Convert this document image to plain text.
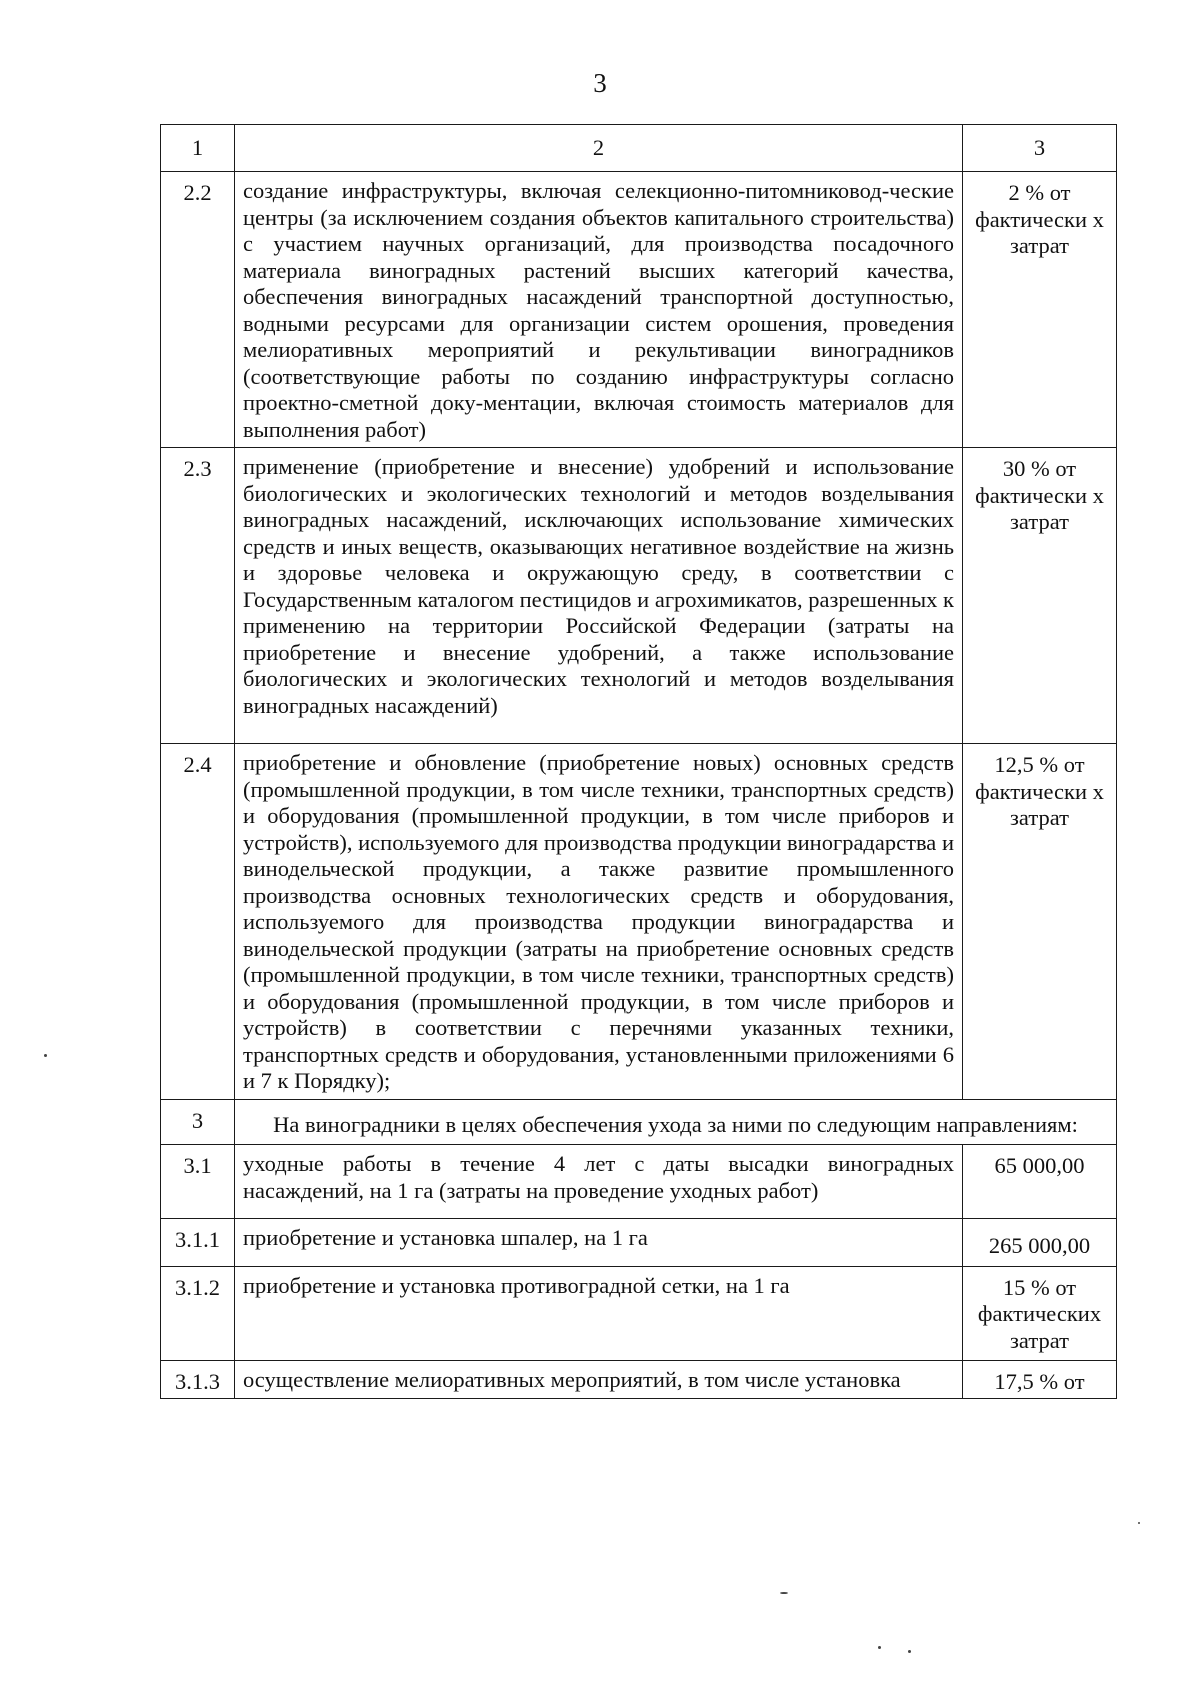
3
1	2	3
2.2	создание инфраструктуры, включая селекционно-питомниковод-ческие центры (за исключением создания объектов капитального строительства) с участием научных организаций, для производства посадочного материала виноградных растений высших категорий качества, обеспечения виноградных насаждений транспортной доступностью, водными ресурсами для организации систем орошения, проведения мелиоративных мероприятий и рекультивации виноградников (соответствующие работы по созданию инфраструктуры согласно проектно-сметной доку-ментации, включая стоимость материалов для выполнения работ)	2 % от фактически х затрат
2.3	применение (приобретение и внесение) удобрений и использование биологических и экологических технологий и методов возделывания виноградных насаждений, исключающих использование химических средств и иных веществ, оказывающих негативное воздействие на жизнь и здоровье человека и окружающую среду, в соответствии с Государственным каталогом пестицидов и агрохимикатов, разрешенных к применению на территории Российской Федерации (затраты на приобретение и внесение удобрений, а также использование биологических и экологических технологий и методов возделывания виноградных насаждений)	30 % от фактически х затрат
2.4	приобретение и обновление (приобретение новых) основных средств (промышленной продукции, в том числе техники, транспортных средств) и оборудования (промышленной продукции, в том числе приборов и устройств), используемого для производства продукции виноградарства и винодельческой продукции, а также развитие промышленного производства основных технологических средств и оборудования, используемого для производства продукции виноградарства и винодельческой продукции (затраты на приобретение основных средств (промышленной продукции, в том числе техники, транспортных средств) и оборудования (промышленной продукции, в том числе приборов и устройств) в соответствии с перечнями указанных техники, транспортных средств и оборудования, установленными приложениями 6 и 7 к Порядку);	12,5 % от фактически х затрат
3	На виноградники в целях обеспечения ухода за ними по следующим направлениям:	
3.1	уходные работы в течение 4 лет с даты высадки виноградных насаждений, на 1 га (затраты на проведение уходных работ)	65 000,00
3.1.1	приобретение и установка шпалер, на 1 га	265 000,00
3.1.2	приобретение и установка противоградной сетки, на 1 га	15 % от фактических затрат
3.1.3	осуществление мелиоративных мероприятий, в том числе установка	17,5 % от
